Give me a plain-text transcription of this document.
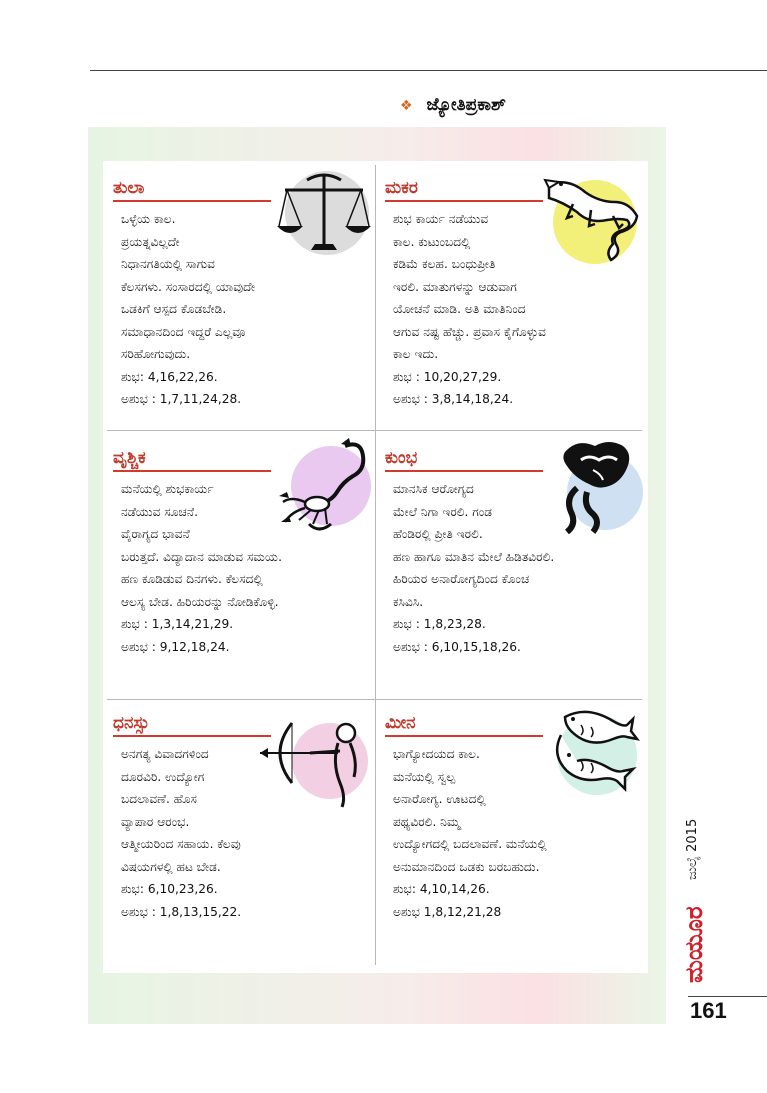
❖ ಜ್ಯೋತಿಪ್ರಕಾಶ್
ತುಲಾ
ಒಳ್ಳೆಯ ಕಾಲ.
ಪ್ರಯತ್ನವಿಲ್ಲದೇ
ನಿಧಾನಗತಿಯಲ್ಲಿ ಸಾಗುವ
ಕೆಲಸಗಳು. ಸಂಸಾರದಲ್ಲಿ ಯಾವುದೇ
ಒಡಕಿಗೆ ಆಸ್ಪದ ಕೊಡಬೇಡಿ.
ಸಮಾಧಾನದಿಂದ ಇದ್ದರೆ ಎಲ್ಲವೂ
ಸರಿಹೋಗುವುದು.
ಶುಭ: 4,16,22,26.
ಅಶುಭ : 1,7,11,24,28.
ಮಕರ
ಶುಭ ಕಾರ್ಯ ನಡೆಯುವ
ಕಾಲ. ಕುಟುಂಬದಲ್ಲಿ
ಕಡಿಮೆ ಕಲಹ. ಬಂಧುಪ್ರೀತಿ
ಇರಲಿ. ಮಾತುಗಳನ್ನು ಆಡುವಾಗ
ಯೋಚನೆ ಮಾಡಿ. ಅತಿ ಮಾತಿನಿಂದ
ಆಗುವ ನಷ್ಟ ಹೆಚ್ಚು. ಪ್ರವಾಸ ಕೈಗೊಳ್ಳುವ
ಕಾಲ ಇದು.
ಶುಭ : 10,20,27,29.
ಅಶುಭ : 3,8,14,18,24.
ವೃಶ್ಚಿಕ
ಮನೆಯಲ್ಲಿ ಶುಭಕಾರ್ಯ
ನಡೆಯುವ ಸೂಚನೆ.
ವೈರಾಗ್ಯದ ಭಾವನೆ
ಬರುತ್ತದೆ. ವಿದ್ಯಾದಾನ ಮಾಡುವ ಸಮಯ.
ಹಣ ಕೂಡಿಡುವ ದಿನಗಳು. ಕೆಲಸದಲ್ಲಿ
ಆಲಸ್ಯ ಬೇಡ. ಹಿರಿಯರನ್ನು ನೋಡಿಕೊಳ್ಳಿ.
ಶುಭ : 1,3,14,21,29.
ಅಶುಭ : 9,12,18,24.
ಕುಂಭ
ಮಾನಸಿಕ ಆರೋಗ್ಯದ
ಮೇಲೆ ನಿಗಾ ಇರಲಿ. ಗಂಡ
ಹೆಂಡಿರಲ್ಲಿ ಪ್ರೀತಿ ಇರಲಿ.
ಹಣ ಹಾಗೂ ಮಾತಿನ ಮೇಲೆ ಹಿಡಿತವಿರಲಿ.
ಹಿರಿಯರ ಅನಾರೋಗ್ಯದಿಂದ ಕೊಂಚ
ಕಸಿವಿಸಿ.
ಶುಭ : 1,8,23,28.
ಅಶುಭ : 6,10,15,18,26.
ಧನಸ್ಸು
ಅನಗತ್ಯ ವಿವಾದಗಳಿಂದ
ದೂರವಿರಿ. ಉದ್ಯೋಗ
ಬದಲಾವಣೆ. ಹೊಸ
ವ್ಯಾಪಾರ ಆರಂಭ.
ಆತ್ಮೀಯರಿಂದ ಸಹಾಯ. ಕೆಲವು
ವಿಷಯಗಳಲ್ಲಿ ಹಟ ಬೇಡ.
ಶುಭ: 6,10,23,26.
ಅಶುಭ : 1,8,13,15,22.
ಮೀನ
ಭಾಗ್ಯೋದಯದ ಕಾಲ.
ಮನೆಯಲ್ಲಿ ಸ್ವಲ್ಪ
ಅನಾರೋಗ್ಯ. ಊಟದಲ್ಲಿ
ಪಥ್ಯವಿರಲಿ. ನಿಮ್ಮ
ಉದ್ಯೋಗದಲ್ಲಿ ಬದಲಾವಣೆ. ಮನೆಯಲ್ಲಿ
ಅನುಮಾನದಿಂದ ಒಡಕು ಬರಬಹುದು.
ಶುಭ: 4,10,14,26.
ಅಶುಭ 1,8,12,21,28
ಜುಲೈ 2015
ಮಯೂರ
161
